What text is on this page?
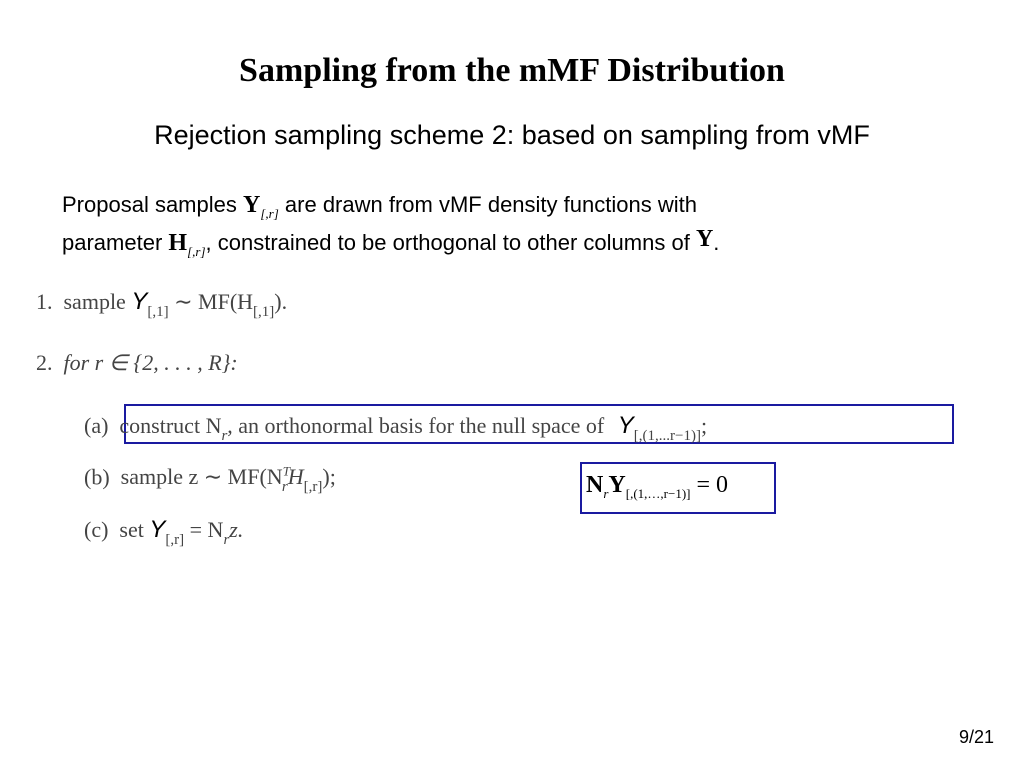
Sampling from the mMF Distribution
Rejection sampling scheme 2: based on sampling from vMF
Proposal samples $Y_{[,r]}$ are drawn from vMF density functions with
parameter $H_{[,r]}$, constrained to be orthogonal to other columns of Y.
1. sample $Y_{[,1]}$ ∼ $MF(H_{[,1]})$.
2. for r ∈ {2, . . . , R}:
(a) construct $N_r$, an orthonormal basis for the null space of $Y_{[,(1,...r-1)]}$;
(b) sample z ∼ $MF(N^T_rH_{[,r]})$;
(c) set $Y_{[,r]} = N_rz$.
$N_rY_{[,(1,\dots,r-1)]} = 0$
9/21
